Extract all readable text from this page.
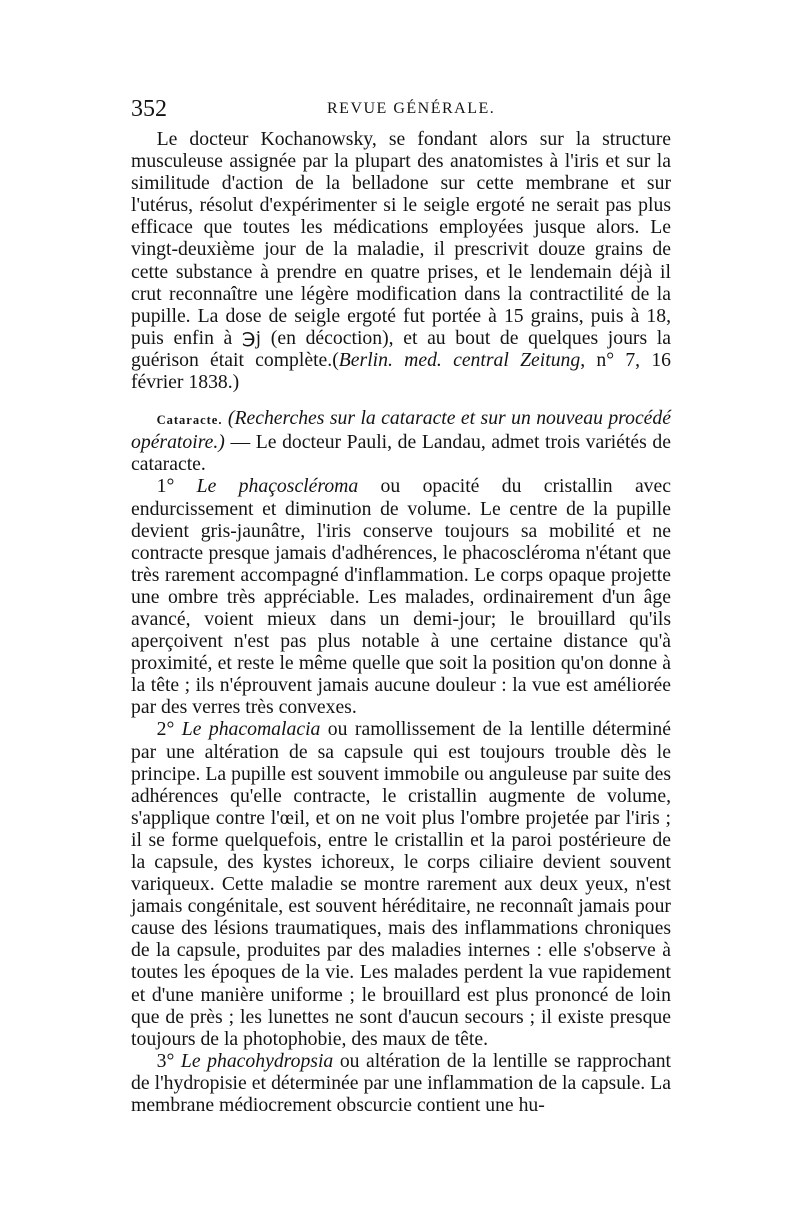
352	REVUE GÉNÉRALE.

Le docteur Kochanowsky, se fondant alors sur la structure musculeuse assignée par la plupart des anatomistes à l'iris et sur la similitude d'action de la belladone sur cette membrane et sur l'utérus, résolut d'expérimenter si le seigle ergoté ne serait pas plus efficace que toutes les médications employées jusque alors. Le vingt-deuxième jour de la maladie, il prescrivit douze grains de cette substance à prendre en quatre prises, et le lendemain déjà il crut reconnaître une légère modification dans la contractilité de la pupille. La dose de seigle ergoté fut portée à 15 grains, puis à 18, puis enfin à ℈j (en décoction), et au bout de quelques jours la guérison était complète.(Berlin. med. central Zeitung, n° 7, 16 février 1838.)

Cataracte. (Recherches sur la cataracte et sur un nouveau procédé opératoire.) — Le docteur Pauli, de Landau, admet trois variétés de cataracte.

1° Le phaçoscléroma ou opacité du cristallin avec endurcissement et diminution de volume. Le centre de la pupille devient gris-jaunâtre, l'iris conserve toujours sa mobilité et ne contracte presque jamais d'adhérences, le phacoscléroma n'étant que très rarement accompagné d'inflammation. Le corps opaque projette une ombre très appréciable. Les malades, ordinairement d'un âge avancé, voient mieux dans un demi-jour; le brouillard qu'ils aperçoivent n'est pas plus notable à une certaine distance qu'à proximité, et reste le même quelle que soit la position qu'on donne à la tête ; ils n'éprouvent jamais aucune douleur : la vue est améliorée par des verres très convexes.

2° Le phacomalacia ou ramollissement de la lentille déterminé par une altération de sa capsule qui est toujours trouble dès le principe. La pupille est souvent immobile ou anguleuse par suite des adhérences qu'elle contracte, le cristallin augmente de volume, s'applique contre l'œil, et on ne voit plus l'ombre projetée par l'iris ; il se forme quelquefois, entre le cristallin et la paroi postérieure de la capsule, des kystes ichoreux, le corps ciliaire devient souvent variqueux. Cette maladie se montre rarement aux deux yeux, n'est jamais congénitale, est souvent héréditaire, ne reconnaît jamais pour cause des lésions traumatiques, mais des inflammations chroniques de la capsule, produites par des maladies internes : elle s'observe à toutes les époques de la vie. Les malades perdent la vue rapidement et d'une manière uniforme ; le brouillard est plus prononcé de loin que de près ; les lunettes ne sont d'aucun secours ; il existe presque toujours de la photophobie, des maux de tête.

3° Le phacohydropsia ou altération de la lentille se rapprochant de l'hydropisie et déterminée par une inflammation de la capsule. La membrane médiocrement obscurcie contient une hu-
